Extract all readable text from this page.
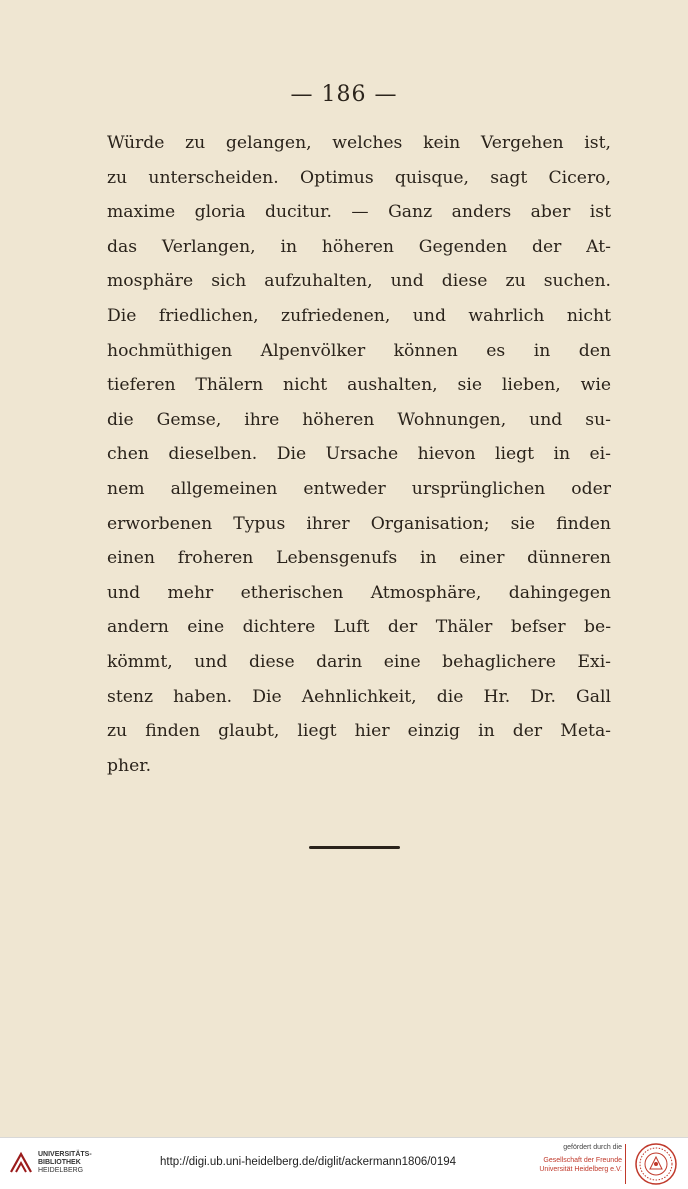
— 186 —
Würde zu gelangen, welches kein Vergehen ist,
zu unterscheiden. Optimus quisque, sagt Cicero,
maxime gloria ducitur. — Ganz anders aber ist
das Verlangen, in höheren Gegenden der At-
mosphäre sich aufzuhalten, und diese zu suchen.
Die friedlichen, zufriedenen, und wahrlich nicht
hochmüthigen Alpenvölker können es in den
tieferen Thälern nicht aushalten, sie lieben, wie
die Gemse, ihre höheren Wohnungen, und su-
chen dieselben. Die Ursache hievon liegt in ei-
nem allgemeinen entweder ursprünglichen oder
erworbenen Typus ihrer Organisation; sie finden
einen froheren Lebensgenufs in einer dünneren
und mehr etherischen Atmosphäre, dahingegen
andern eine dichtere Luft der Thäler befser be-
kömmt, und diese darin eine behaglichere Exi-
stenz haben. Die Aehnlichkeit, die Hr. Dr. Gall
zu finden glaubt, liegt hier einzig in der Meta-
pher.
UNIVERSITÄTS-
BIBLIOTHEK
HEIDELBERG
http://digi.ub.uni-heidelberg.de/diglit/ackermann1806/0194
gefördert durch die
Gesellschaft der Freunde
Universität Heidelberg e.V.
